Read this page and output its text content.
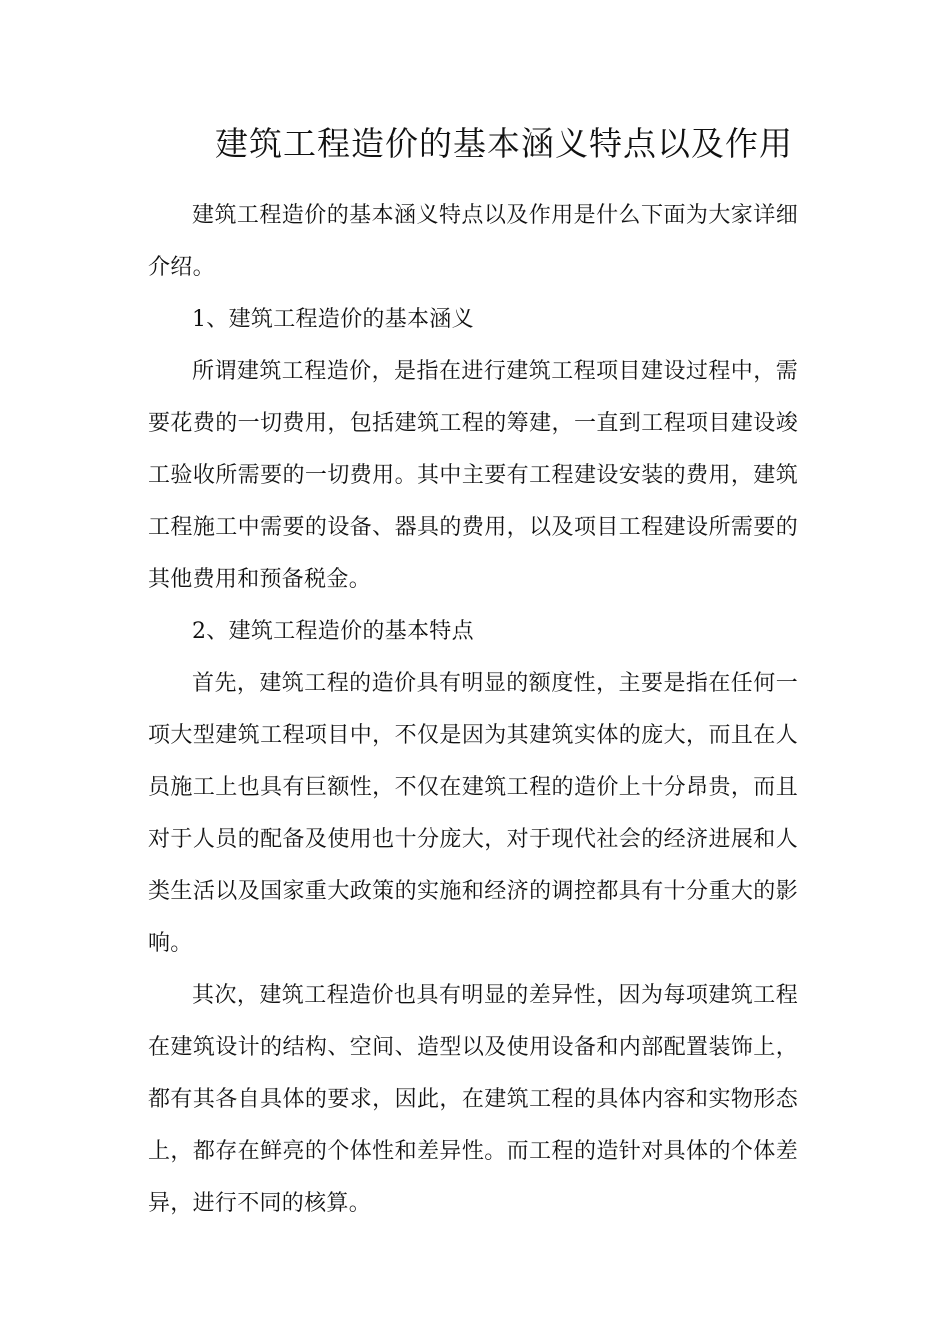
建筑工程造价的基本涵义特点以及作用

建筑工程造价的基本涵义特点以及作用是什么下面为大家详细介绍。

1、建筑工程造价的基本涵义

所谓建筑工程造价，是指在进行建筑工程项目建设过程中，需要花费的一切费用，包括建筑工程的筹建，一直到工程项目建设竣工验收所需要的一切费用。其中主要有工程建设安装的费用，建筑工程施工中需要的设备、器具的费用，以及项目工程建设所需要的其他费用和预备税金。

2、建筑工程造价的基本特点

首先，建筑工程的造价具有明显的额度性，主要是指在任何一项大型建筑工程项目中，不仅是因为其建筑实体的庞大，而且在人员施工上也具有巨额性，不仅在建筑工程的造价上十分昂贵，而且对于人员的配备及使用也十分庞大，对于现代社会的经济进展和人类生活以及国家重大政策的实施和经济的调控都具有十分重大的影响。

其次，建筑工程造价也具有明显的差异性，因为每项建筑工程在建筑设计的结构、空间、造型以及使用设备和内部配置装饰上，都有其各自具体的要求，因此，在建筑工程的具体内容和实物形态上，都存在鲜亮的个体性和差异性。而工程的造针对具体的个体差异，进行不同的核算。
